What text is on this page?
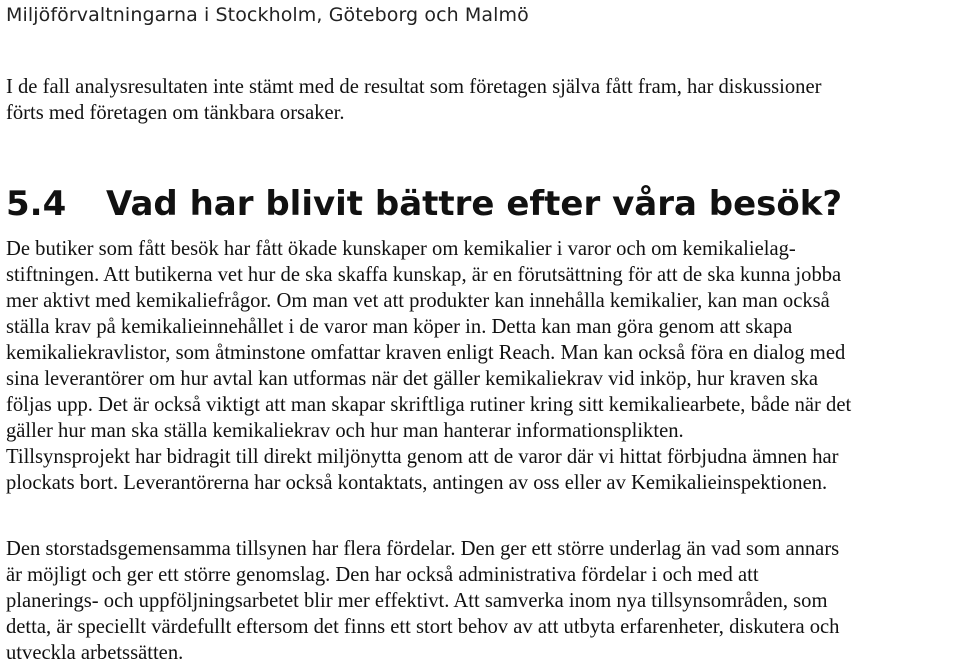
Miljöförvaltningarna i Stockholm, Göteborg och Malmö

I de fall analysresultaten inte stämt med de resultat som företagen själva fått fram, har diskussioner
förts med företagen om tänkbara orsaker.

5.4 Vad har blivit bättre efter våra besök?

De butiker som fått besök har fått ökade kunskaper om kemikalier i varor och om kemikalielag-
stiftningen. Att butikerna vet hur de ska skaffa kunskap, är en förutsättning för att de ska kunna jobba
mer aktivt med kemikaliefrågor. Om man vet att produkter kan innehålla kemikalier, kan man också
ställa krav på kemikalieinnehållet i de varor man köper in. Detta kan man göra genom att skapa
kemikaliekravlistor, som åtminstone omfattar kraven enligt Reach. Man kan också föra en dialog med
sina leverantörer om hur avtal kan utformas när det gäller kemikaliekrav vid inköp, hur kraven ska
följas upp. Det är också viktigt att man skapar skriftliga rutiner kring sitt kemikaliearbete, både när det
gäller hur man ska ställa kemikaliekrav och hur man hanterar informationsplikten.
Tillsynsprojekt har bidragit till direkt miljönytta genom att de varor där vi hittat förbjudna ämnen har
plockats bort. Leverantörerna har också kontaktats, antingen av oss eller av Kemikalieinspektionen.

Den storstadsgemensamma tillsynen har flera fördelar. Den ger ett större underlag än vad som annars
är möjligt och ger ett större genomslag. Den har också administrativa fördelar i och med att
planerings- och uppföljningsarbetet blir mer effektivt. Att samverka inom nya tillsynsområden, som
detta, är speciellt värdefullt eftersom det finns ett stort behov av att utbyta erfarenheter, diskutera och
utveckla arbetssätten.
